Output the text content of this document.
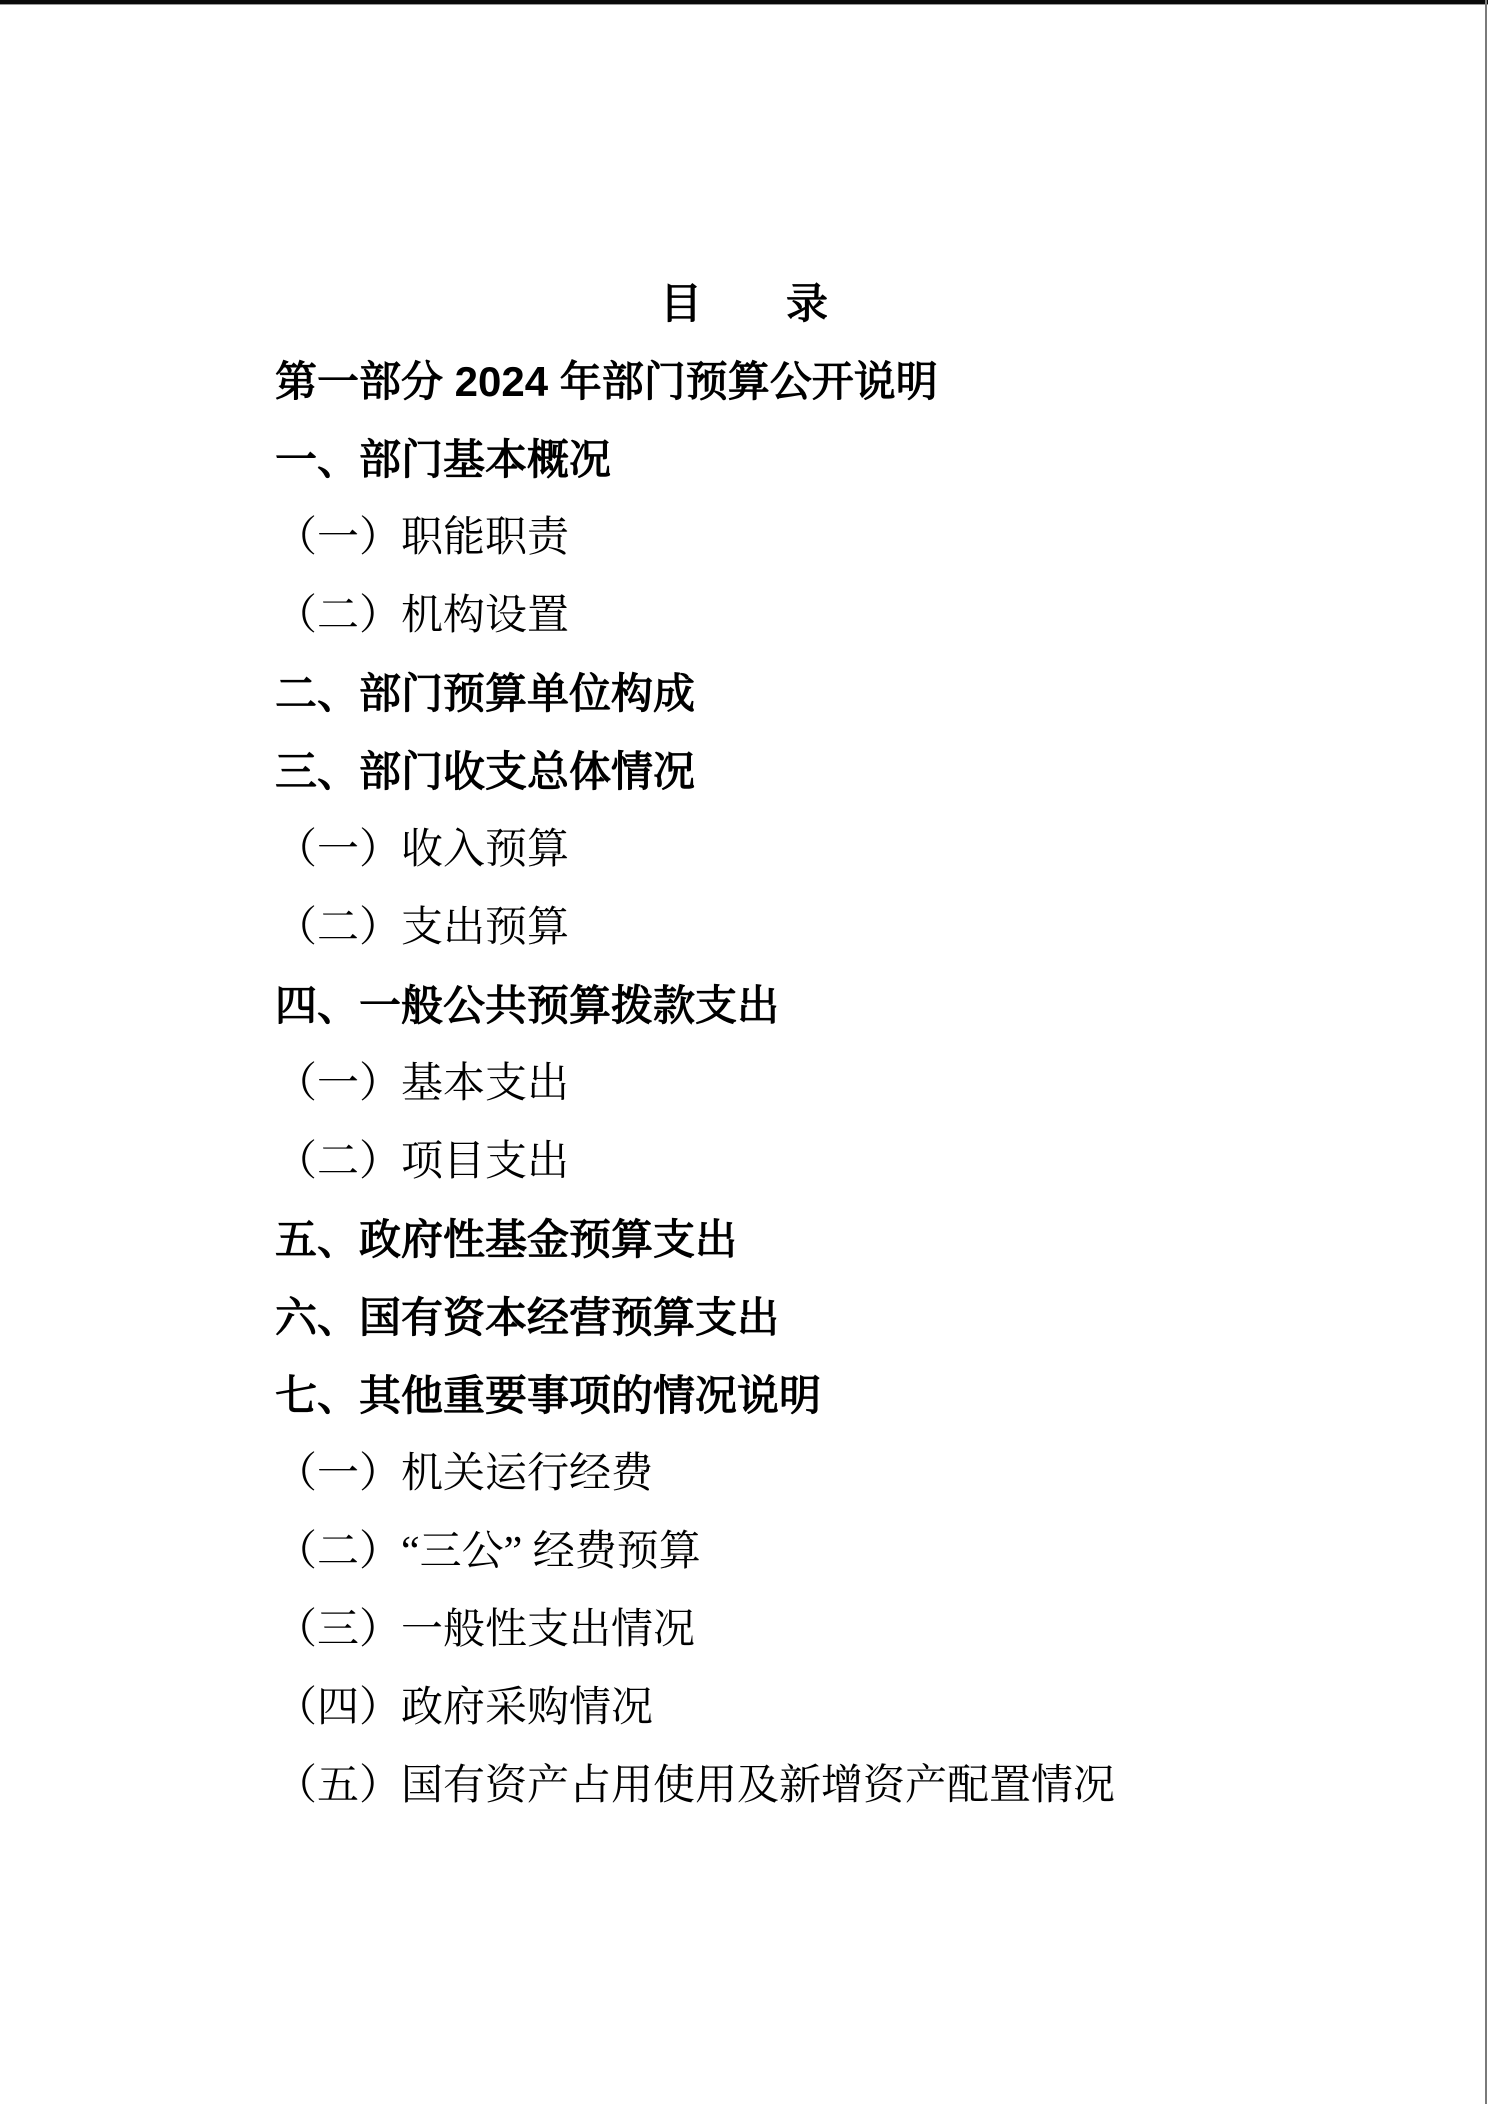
目　　录
第一部分 2024 年部门预算公开说明
一、部门基本概况
（一）职能职责
（二）机构设置
二、部门预算单位构成
三、部门收支总体情况
（一）收入预算
（二）支出预算
四、一般公共预算拨款支出
（一）基本支出
（二）项目支出
五、政府性基金预算支出
六、国有资本经营预算支出
七、其他重要事项的情况说明
（一）机关运行经费
（二）“三公” 经费预算
（三）一般性支出情况
（四）政府采购情况
（五）国有资产占用使用及新增资产配置情况
